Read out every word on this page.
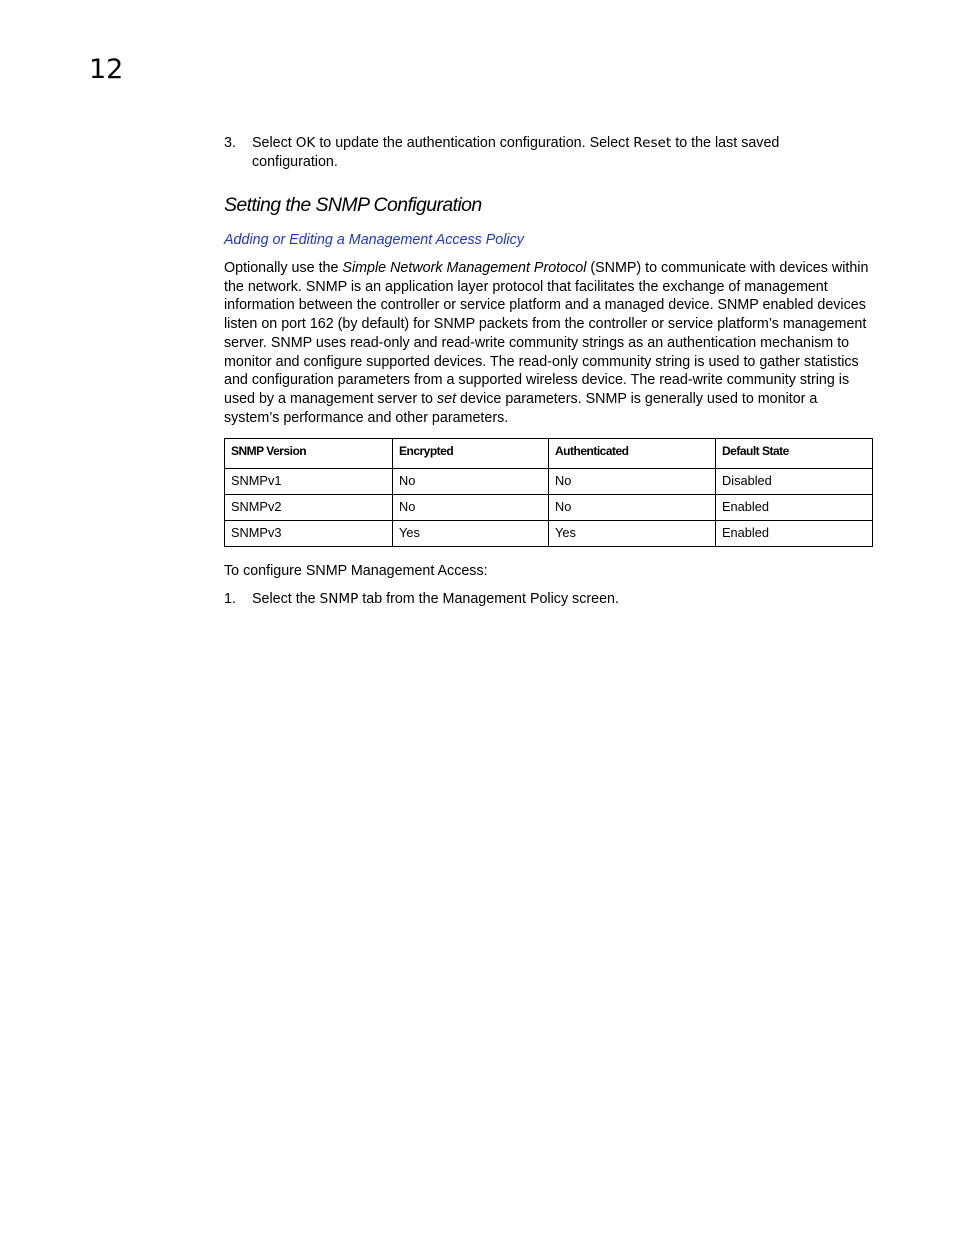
12
3. Select OK to update the authentication configuration. Select Reset to the last saved configuration.
Setting the SNMP Configuration
Adding or Editing a Management Access Policy
Optionally use the Simple Network Management Protocol (SNMP) to communicate with devices within the network. SNMP is an application layer protocol that facilitates the exchange of management information between the controller or service platform and a managed device. SNMP enabled devices listen on port 162 (by default) for SNMP packets from the controller or service platform’s management server. SNMP uses read-only and read-write community strings as an authentication mechanism to monitor and configure supported devices. The read-only community string is used to gather statistics and configuration parameters from a supported wireless device. The read-write community string is used by a management server to set device parameters. SNMP is generally used to monitor a system’s performance and other parameters.
SNMP Version	Encrypted	Authenticated	Default State
SNMPv1	No	No	Disabled
SNMPv2	No	No	Enabled
SNMPv3	Yes	Yes	Enabled
To configure SNMP Management Access:
1. Select the SNMP tab from the Management Policy screen.
